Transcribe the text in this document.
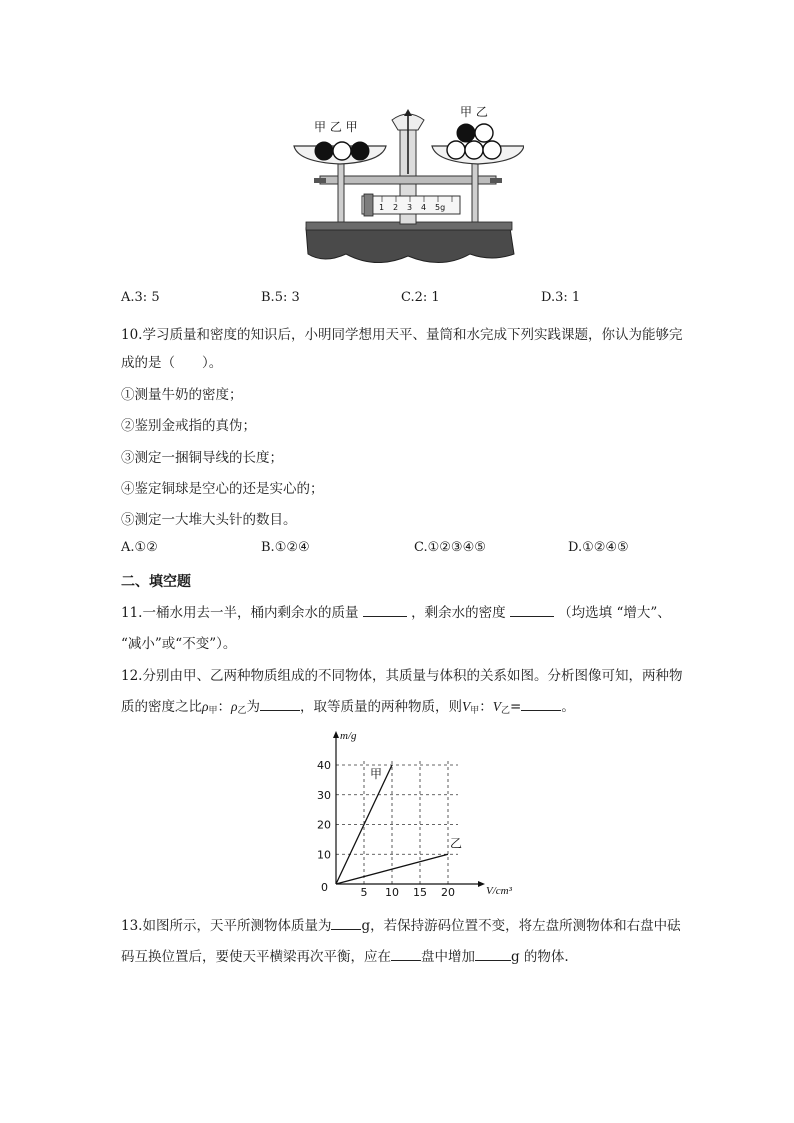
甲 乙 甲
甲 乙
1 2 3 4 5g
A.3: 5	B.5: 3	C.2: 1	D.3: 1
10.学习质量和密度的知识后，小明同学想用天平、量筒和水完成下列实践课题，你认为能够完
成的是（　　）。
①测量牛奶的密度；
②鉴别金戒指的真伪；
③测定一捆铜导线的长度；
④鉴定铜球是空心的还是实心的；
⑤测定一大堆大头针的数目。
A.①②	B.①②④	C.①②③④⑤	D.①②④⑤
二、填空题
11.一桶水用去一半，桶内剩余水的质量	，剩余水的密度	（均选填 “增大”、
“减小”或“不变”）。
12.分别由甲、乙两种物质组成的不同物体，其质量与体积的关系如图。分析图像可知，两种物
质的密度之比$\rho_甲$：$\rho_乙$为	，取等质量的两种物质，则$V_甲$：$V_乙=$	。
5 10 15 20
10
20
30
40
0
m/g
V/cm³
甲
乙
13.如图所示，天平所测物体质量为 g，若保持游码位置不变，将左盘所测物体和右盘中砝
码互换位置后，要使天平横梁再次平衡，应在 盘中增加	g 的物体.
